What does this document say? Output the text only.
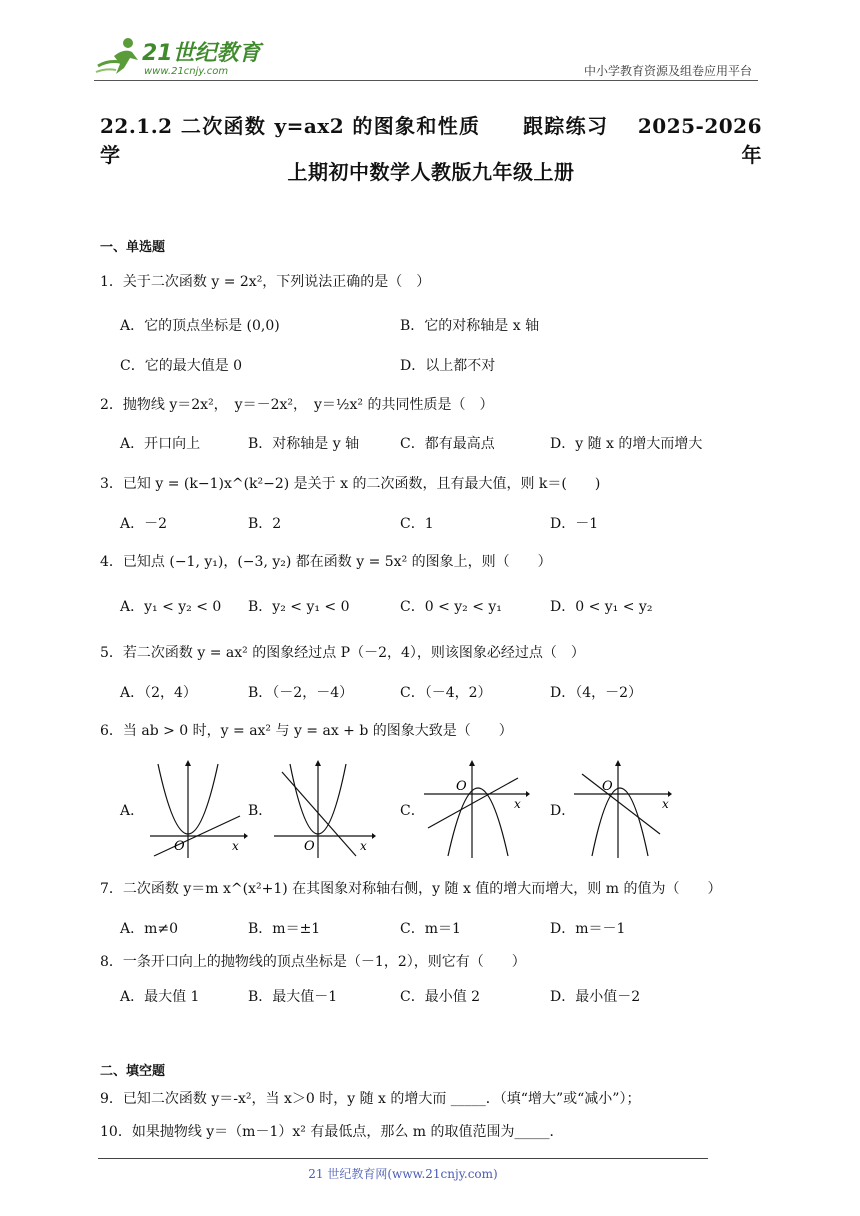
21世纪教育
www.21cnjy.com	中小学教育资源及组卷应用平台
22.1.2 二次函数 y=ax2 的图象和性质　　跟踪练习　 2025-2026 学年
上期初中数学人教版九年级上册
一、单选题
1．关于二次函数 y = 2x²，下列说法正确的是（　）
A．它的顶点坐标是 (0,0)	B．它的对称轴是 x 轴
C．它的最大值是 0	D．以上都不对
2．抛物线 y＝2x²，　y＝－2x²，　y＝½x² 的共同性质是（　）
A．开口向上	B．对称轴是 y 轴	C．都有最高点	D．y 随 x 的增大而增大
3．已知 y = (k−1)x^(k²−2) 是关于 x 的二次函数，且有最大值，则 k＝(　　)
A．－2	B．2	C．1	D．－1
4．已知点 (−1, y₁)，(−3, y₂) 都在函数 y = 5x² 的图象上，则（　　）
A．y₁ < y₂ < 0 B．y₂ < y₁ < 0	C．0 < y₂ < y₁	D．0 < y₁ < y₂
5．若二次函数 y = ax² 的图象经过点 P（－2，4），则该图象必经过点（　）
A．（2，4）	B．（－2，－4）	C．（－4，2）	D．（4，－2）
6．当 ab > 0 时，y = ax² 与 y = ax + b 的图象大致是（　　）
A．	B．	C．	D．
O	x	O	x
O
x
O
x
7．二次函数 y＝m x^(x²+1) 在其图象对称轴右侧，y 随 x 值的增大而增大，则 m 的值为（　　）
A．m≠0	B．m＝±1	C．m＝1	D．m＝－1
8．一条开口向上的抛物线的顶点坐标是（－1，2），则它有（　　）
A．最大值 1	B．最大值－1	C．最小值 2	D．最小值－2
二、填空题
9．已知二次函数 y＝-x²，当 x＞0 时，y 随 x 的增大而 _____．（填“增大”或“减小”）；
10．如果抛物线 y＝（m－1）x² 有最低点，那么 m 的取值范围为_____．
21 世纪教育网(www.21cnjy.com)
